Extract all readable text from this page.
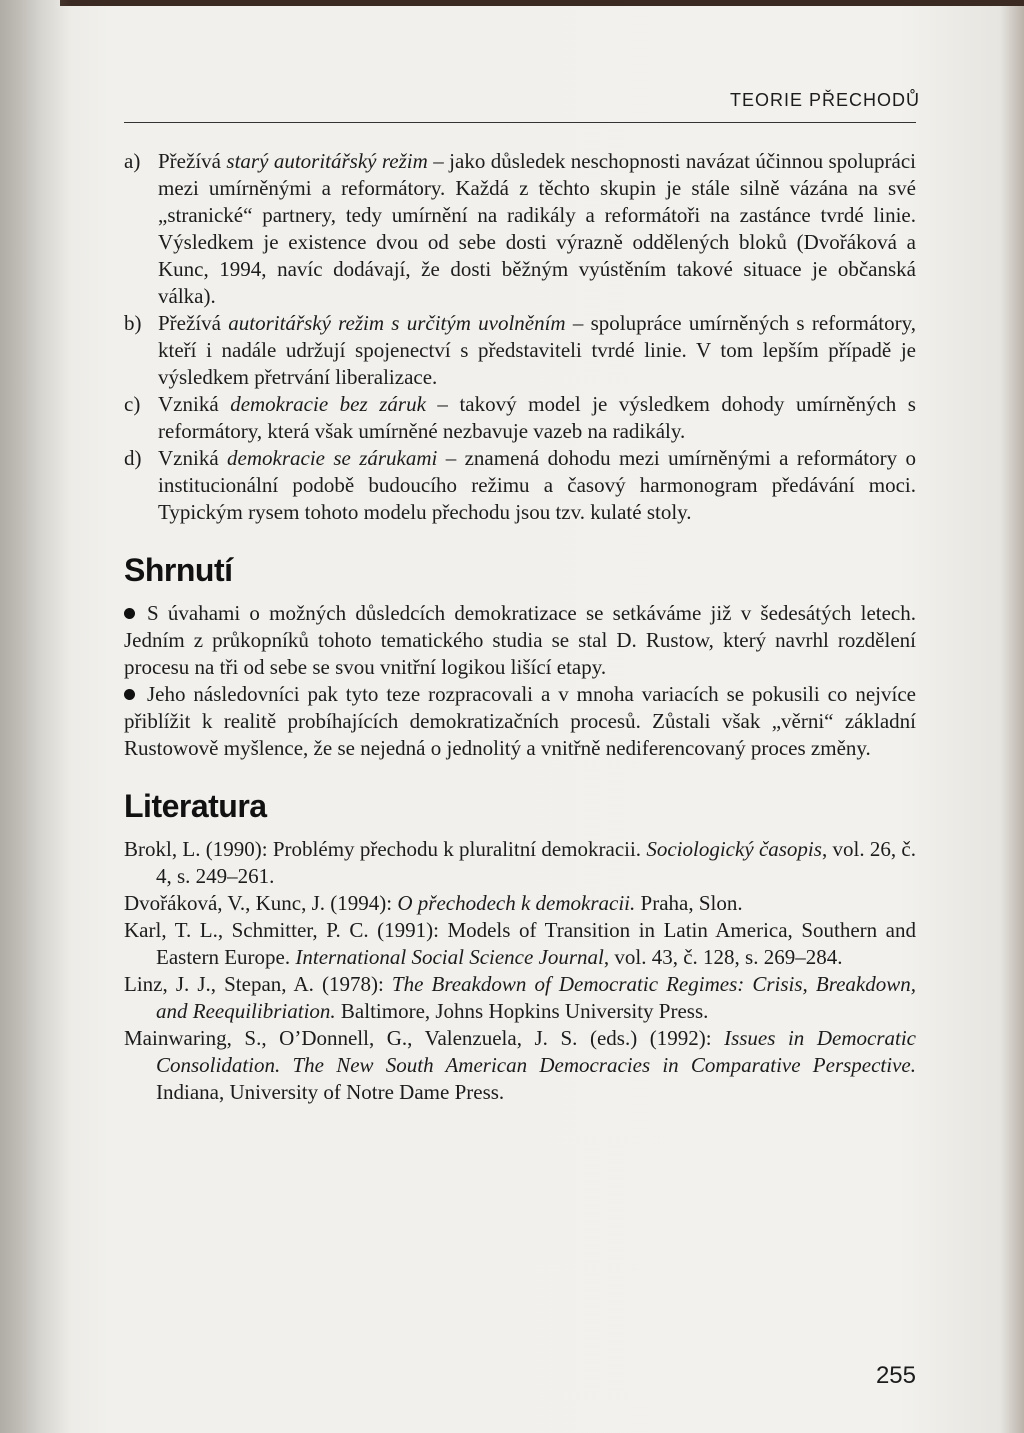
TEORIE PŘECHODŮ
a) Přežívá starý autoritářský režim – jako důsledek neschopnosti navázat účinnou spolupráci mezi umírněnými a reformátory. Každá z těchto skupin je stále silně vázána na své „stranické“ partnery, tedy umírnění na radikály a reformátoři na zastánce tvrdé linie. Výsledkem je existence dvou od sebe dosti výrazně oddělených bloků (Dvořáková a Kunc, 1994, navíc dodávají, že dosti běžným vyústěním takové situace je občanská válka).

b) Přežívá autoritářský režim s určitým uvolněním – spolupráce umírněných s reformátory, kteří i nadále udržují spojenectví s představiteli tvrdé linie. V tom lepším případě je výsledkem přetrvání liberalizace.

c) Vzniká demokracie bez záruk – takový model je výsledkem dohody umírněných s reformátory, která však umírněné nezbavuje vazeb na radikály.

d) Vzniká demokracie se zárukami – znamená dohodu mezi umírněnými a reformátory o institucionální podobě budoucího režimu a časový harmonogram předávání moci. Typickým rysem tohoto modelu přechodu jsou tzv. kulaté stoly.

Shrnutí

S úvahami o možných důsledcích demokratizace se setkáváme již v šedesátých letech. Jedním z průkopníků tohoto tematického studia se stal D. Rustow, který navrhl rozdělení procesu na tři od sebe se svou vnitřní logikou lišící etapy.

Jeho následovníci pak tyto teze rozpracovali a v mnoha variacích se pokusili co nejvíce přiblížit k realitě probíhajících demokratizačních procesů. Zůstali však „věrni“ základní Rustowově myšlence, že se nejedná o jednolitý a vnitřně nediferencovaný proces změny.

Literatura

Brokl, L. (1990): Problémy přechodu k pluralitní demokracii. Sociologický časopis, vol. 26, č. 4, s. 249–261.

Dvořáková, V., Kunc, J. (1994): O přechodech k demokracii. Praha, Slon.

Karl, T. L., Schmitter, P. C. (1991): Models of Transition in Latin America, Southern and Eastern Europe. International Social Science Journal, vol. 43, č. 128, s. 269–284.

Linz, J. J., Stepan, A. (1978): The Breakdown of Democratic Regimes: Crisis, Breakdown, and Reequilibriation. Baltimore, Johns Hopkins University Press.

Mainwaring, S., O’Donnell, G., Valenzuela, J. S. (eds.) (1992): Issues in Democratic Consolidation. The New South American Democracies in Comparative Perspective. Indiana, University of Notre Dame Press.

255
